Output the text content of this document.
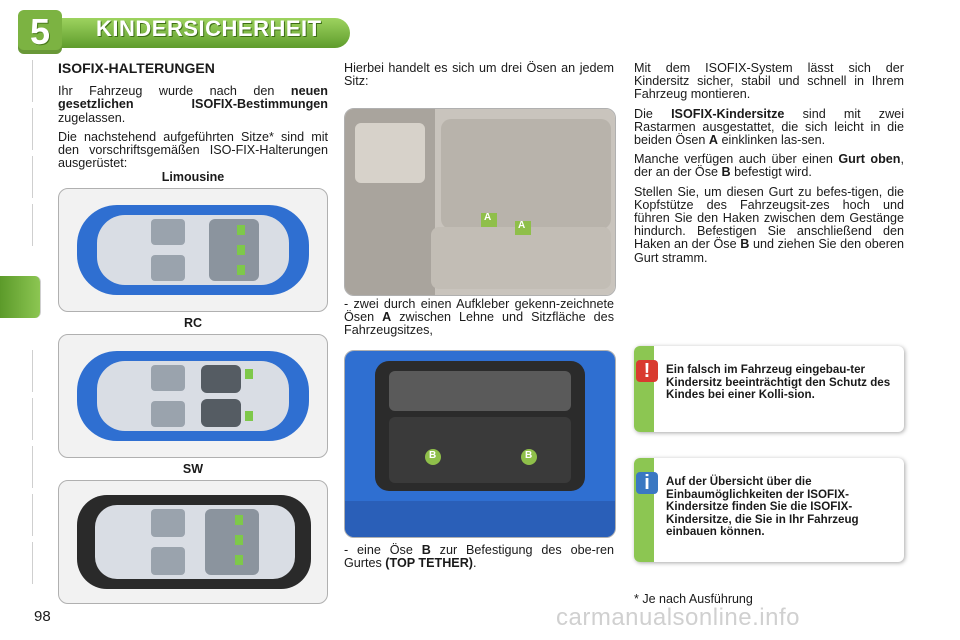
5	KINDERSICHERHEIT
ISOFIX-HALTERUNGEN

Ihr Fahrzeug wurde nach den neuen gesetzlichen ISOFIX-Bestimmungen zugelassen.

Die nachstehend aufgeführten Sitze* sind mit den vorschriftsgemäßen ISO-FIX-Halterungen ausgerüstet:

Limousine
RC
SW
Hierbei handelt es sich um drei Ösen an jedem Sitz:
A
A
- zwei durch einen Aufkleber gekenn-zeichnete Ösen A zwischen Lehne und Sitzfläche des Fahrzeugsitzes,
B	B
- eine Öse B zur Befestigung des obe-ren Gurtes (TOP TETHER).

Mit dem ISOFIX-System lässt sich der Kindersitz sicher, stabil und schnell in Ihrem Fahrzeug montieren.

Die ISOFIX-Kindersitze sind mit zwei Rastarmen ausgestattet, die sich leicht in die beiden Ösen A einklinken las-sen.

Manche verfügen auch über einen Gurt oben, der an der Öse B befestigt wird.

Stellen Sie, um diesen Gurt zu befes-tigen, die Kopfstütze des Fahrzeugsit-zes hoch und führen Sie den Haken zwischen dem Gestänge hindurch. Befestigen Sie anschließend den Haken an der Öse B und ziehen Sie den oberen Gurt stramm.

!	Ein falsch im Fahrzeug eingebau-ter Kindersitz beeinträchtigt den Schutz des Kindes bei einer Kolli-sion.
i	Auf der Übersicht über die Einbaumöglichkeiten der ISOFIX-Kindersitze finden Sie die ISOFIX-Kindersitze, die Sie in Ihr Fahrzeug einbauen können.
* Je nach Ausführung
98	carmanualsonline.info
